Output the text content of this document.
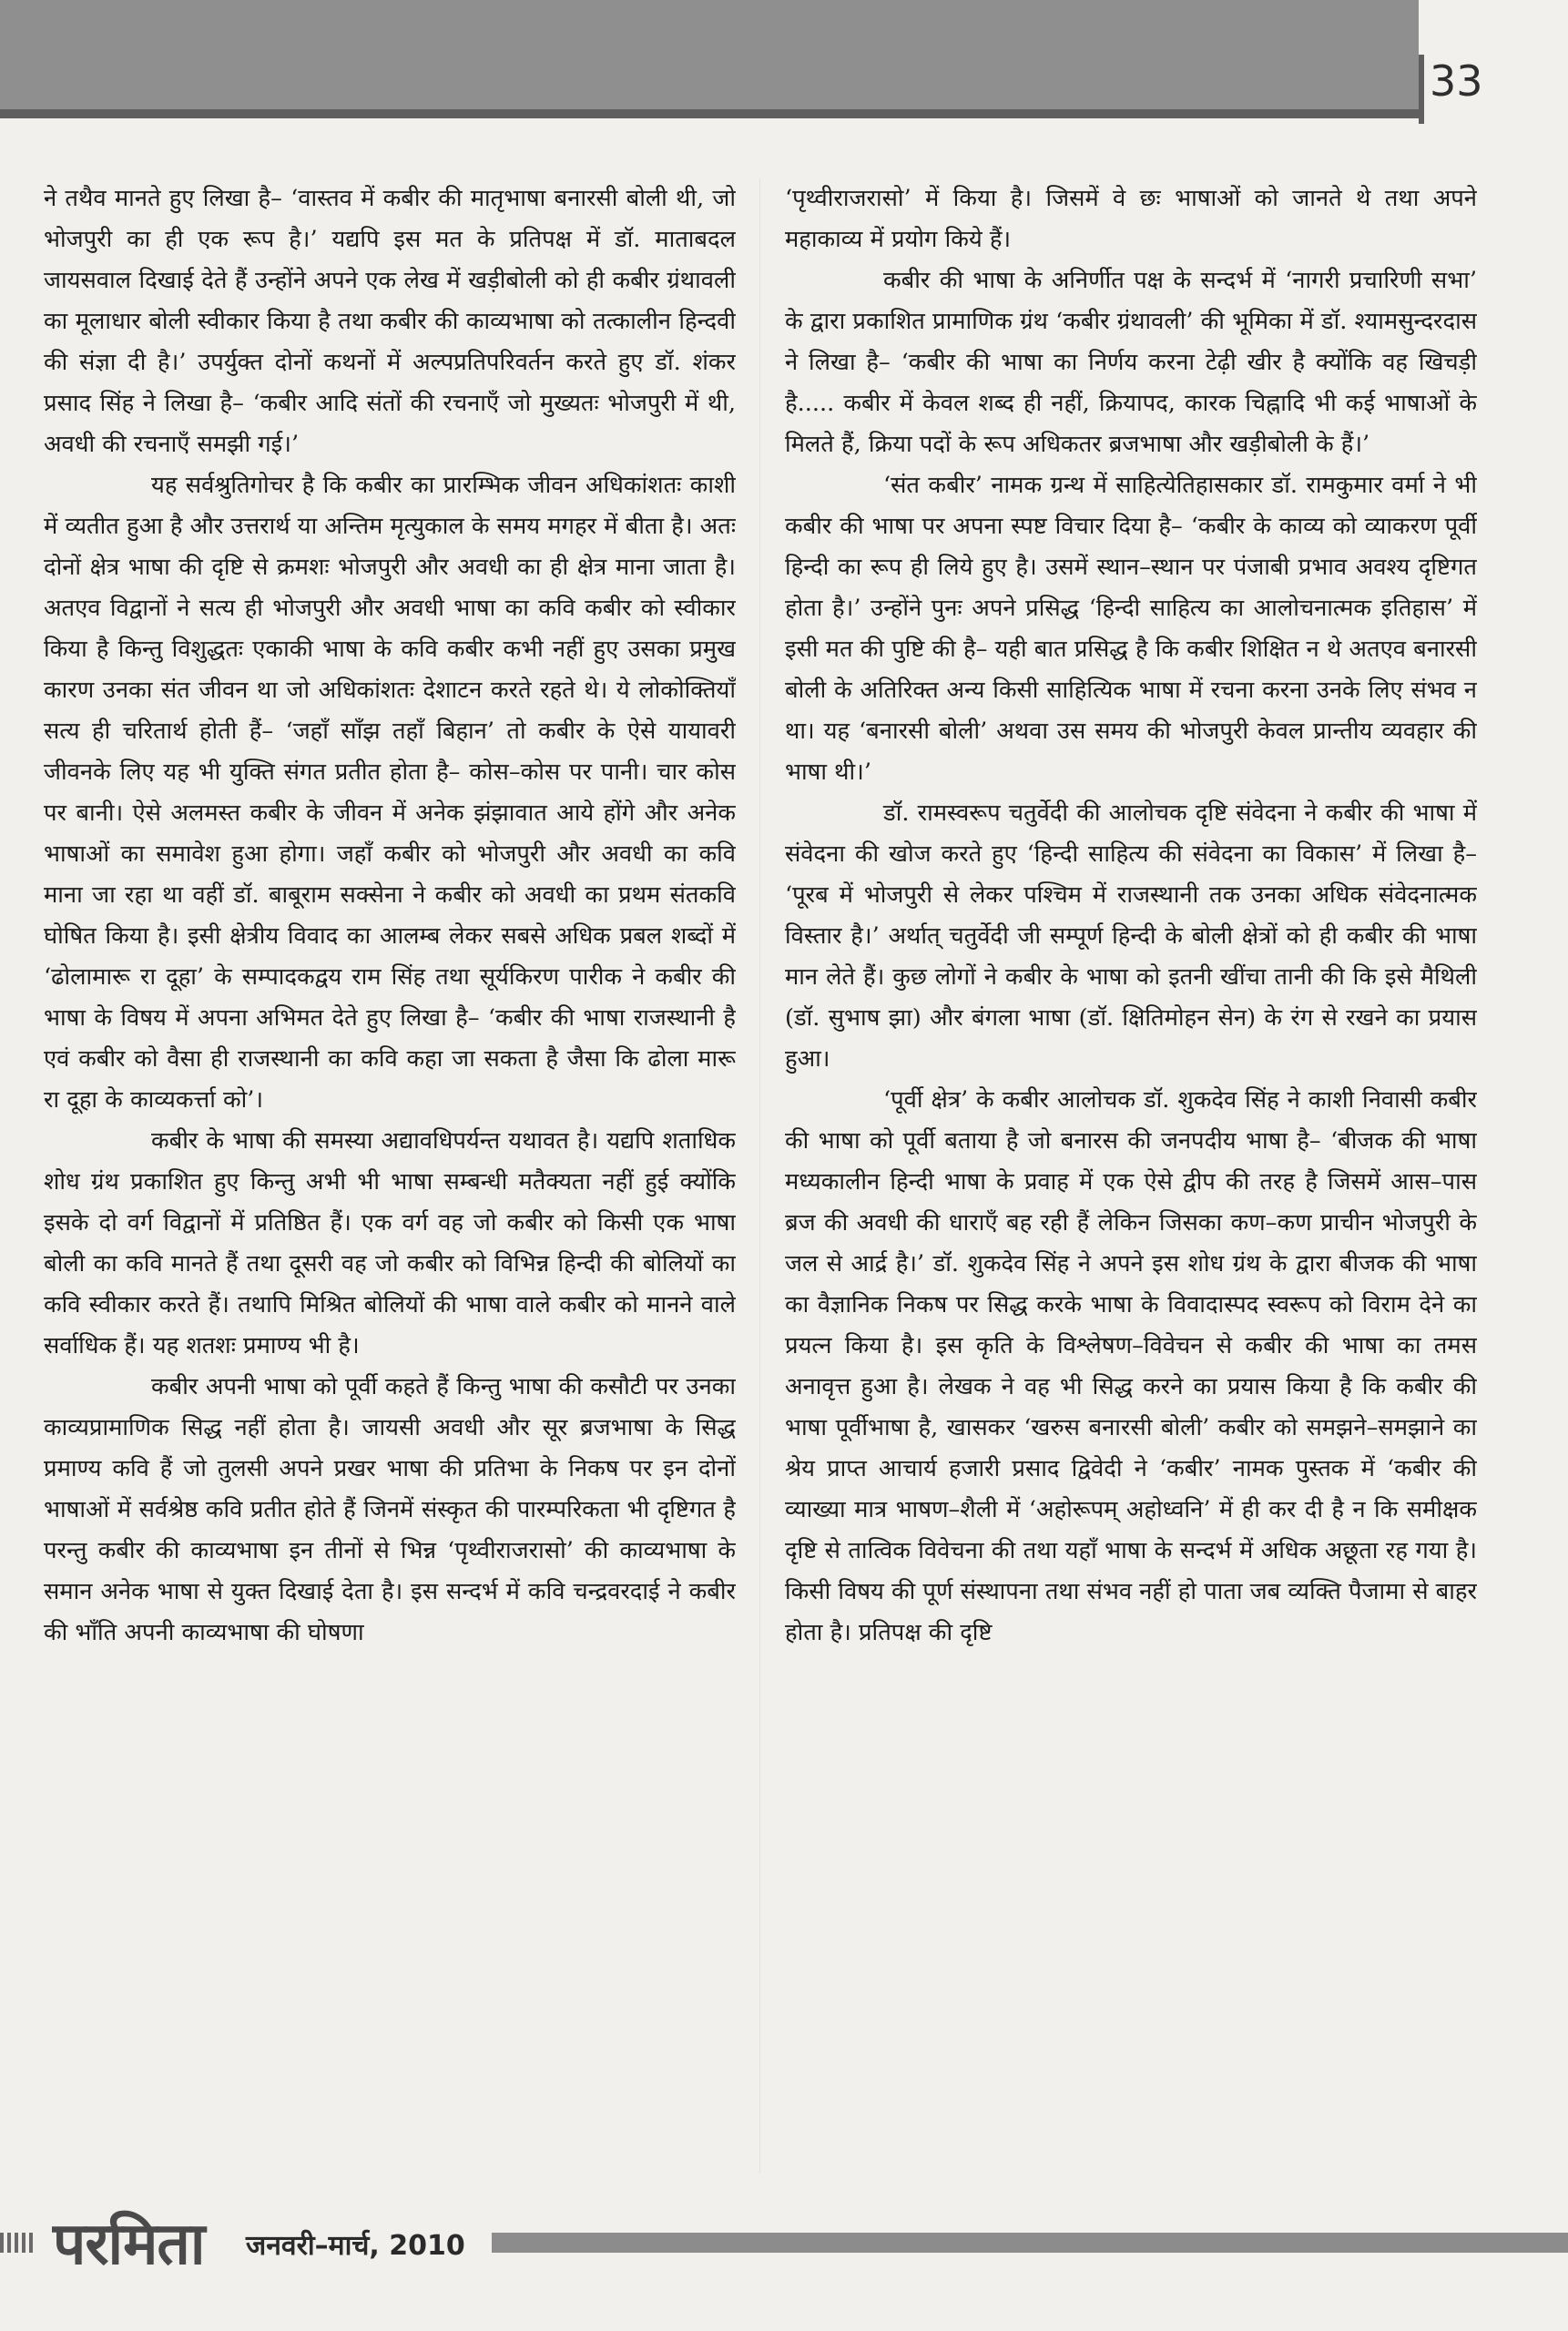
33

ने तथैव मानते हुए लिखा है– ‘वास्तव में कबीर की मातृभाषा बनारसी बोली थी, जो भोजपुरी का ही एक रूप है।’ यद्यपि इस मत के प्रतिपक्ष में डॉ. माताबदल जायसवाल दिखाई देते हैं उन्होंने अपने एक लेख में खड़ीबोली को ही कबीर ग्रंथावली का मूलाधार बोली स्वीकार किया है तथा कबीर की काव्यभाषा को तत्कालीन हिन्दवी की संज्ञा दी है।’ उपर्युक्त दोनों कथनों में अल्पप्रतिपरिवर्तन करते हुए डॉ. शंकर प्रसाद सिंह ने लिखा है– ‘कबीर आदि संतों की रचनाएँ जो मुख्यतः भोजपुरी में थी, अवधी की रचनाएँ समझी गई।’

यह सर्वश्रुतिगोचर है कि कबीर का प्रारम्भिक जीवन अधिकांशतः काशी में व्यतीत हुआ है और उत्तरार्थ या अन्तिम मृत्युकाल के समय मगहर में बीता है। अतः दोनों क्षेत्र भाषा की दृष्टि से क्रमशः भोजपुरी और अवधी का ही क्षेत्र माना जाता है। अतएव विद्वानों ने सत्य ही भोजपुरी और अवधी भाषा का कवि कबीर को स्वीकार किया है किन्तु विशुद्धतः एकाकी भाषा के कवि कबीर कभी नहीं हुए उसका प्रमुख कारण उनका संत जीवन था जो अधिकांशतः देशाटन करते रहते थे। ये लोकोक्तियाँ सत्य ही चरितार्थ होती हैं– ‘जहाँ साँझ तहाँ बिहान’ तो कबीर के ऐसे यायावरी जीवनके लिए यह भी युक्ति संगत प्रतीत होता है– कोस–कोस पर पानी। चार कोस पर बानी। ऐसे अलमस्त कबीर के जीवन में अनेक झंझावात आये होंगे और अनेक भाषाओं का समावेश हुआ होगा। जहाँ कबीर को भोजपुरी और अवधी का कवि माना जा रहा था वहीं डॉ. बाबूराम सक्सेना ने कबीर को अवधी का प्रथम संतकवि घोषित किया है। इसी क्षेत्रीय विवाद का आलम्ब लेकर सबसे अधिक प्रबल शब्दों में ‘ढोलामारू रा दूहा’ के सम्पादकद्वय राम सिंह तथा सूर्यकिरण पारीक ने कबीर की भाषा के विषय में अपना अभिमत देते हुए लिखा है– ‘कबीर की भाषा राजस्थानी है एवं कबीर को वैसा ही राजस्थानी का कवि कहा जा सकता है जैसा कि ढोला मारू रा दूहा के काव्यकर्त्ता को’।

कबीर के भाषा की समस्या अद्यावधिपर्यन्त यथावत है। यद्यपि शताधिक शोध ग्रंथ प्रकाशित हुए किन्तु अभी भी भाषा सम्बन्धी मतैक्यता नहीं हुई क्योंकि इसके दो वर्ग विद्वानों में प्रतिष्ठित हैं। एक वर्ग वह जो कबीर को किसी एक भाषा बोली का कवि मानते हैं तथा दूसरी वह जो कबीर को विभिन्न हिन्दी की बोलियों का कवि स्वीकार करते हैं। तथापि मिश्रित बोलियों की भाषा वाले कबीर को मानने वाले सर्वाधिक हैं। यह शतशः प्रमाण्य भी है।

कबीर अपनी भाषा को पूर्वी कहते हैं किन्तु भाषा की कसौटी पर उनका काव्यप्रामाणिक सिद्ध नहीं होता है। जायसी अवधी और सूर ब्रजभाषा के सिद्ध प्रमाण्य कवि हैं जो तुलसी अपने प्रखर भाषा की प्रतिभा के निकष पर इन दोनों भाषाओं में सर्वश्रेष्ठ कवि प्रतीत होते हैं जिनमें संस्कृत की पारम्परिकता भी दृष्टिगत है परन्तु कबीर की काव्यभाषा इन तीनों से भिन्न ‘पृथ्वीराजरासो’ की काव्यभाषा के समान अनेक भाषा से युक्त दिखाई देता है। इस सन्दर्भ में कवि चन्द्रवरदाई ने कबीर की भाँति अपनी काव्यभाषा की घोषणा

‘पृथ्वीराजरासो’ में किया है। जिसमें वे छः भाषाओं को जानते थे तथा अपने महाकाव्य में प्रयोग किये हैं।

कबीर की भाषा के अनिर्णीत पक्ष के सन्दर्भ में ‘नागरी प्रचारिणी सभा’ के द्वारा प्रकाशित प्रामाणिक ग्रंथ ‘कबीर ग्रंथावली’ की भूमिका में डॉ. श्यामसुन्दरदास ने लिखा है– ‘कबीर की भाषा का निर्णय करना टेढ़ी खीर है क्योंकि वह खिचड़ी है..... कबीर में केवल शब्द ही नहीं, क्रियापद, कारक चिह्नादि भी कई भाषाओं के मिलते हैं, क्रिया पदों के रूप अधिकतर ब्रजभाषा और खड़ीबोली के हैं।’

‘संत कबीर’ नामक ग्रन्थ में साहित्येतिहासकार डॉ. रामकुमार वर्मा ने भी कबीर की भाषा पर अपना स्पष्ट विचार दिया है– ‘कबीर के काव्य को व्याकरण पूर्वी हिन्दी का रूप ही लिये हुए है। उसमें स्थान–स्थान पर पंजाबी प्रभाव अवश्य दृष्टिगत होता है।’ उन्होंने पुनः अपने प्रसिद्ध ‘हिन्दी साहित्य का आलोचनात्मक इतिहास’ में इसी मत की पुष्टि की है– यही बात प्रसिद्ध है कि कबीर शिक्षित न थे अतएव बनारसी बोली के अतिरिक्त अन्य किसी साहित्यिक भाषा में रचना करना उनके लिए संभव न था। यह ‘बनारसी बोली’ अथवा उस समय की भोजपुरी केवल प्रान्तीय व्यवहार की भाषा थी।’

डॉ. रामस्वरूप चतुर्वेदी की आलोचक दृष्टि संवेदना ने कबीर की भाषा में संवेदना की खोज करते हुए ‘हिन्दी साहित्य की संवेदना का विकास’ में लिखा है– ‘पूरब में भोजपुरी से लेकर पश्चिम में राजस्थानी तक उनका अधिक संवेदनात्मक विस्तार है।’ अर्थात् चतुर्वेदी जी सम्पूर्ण हिन्दी के बोली क्षेत्रों को ही कबीर की भाषा मान लेते हैं। कुछ लोगों ने कबीर के भाषा को इतनी खींचा तानी की कि इसे मैथिली (डॉ. सुभाष झा) और बंगला भाषा (डॉ. क्षितिमोहन सेन) के रंग से रखने का प्रयास हुआ।

‘पूर्वी क्षेत्र’ के कबीर आलोचक डॉ. शुकदेव सिंह ने काशी निवासी कबीर की भाषा को पूर्वी बताया है जो बनारस की जनपदीय भाषा है– ‘बीजक की भाषा मध्यकालीन हिन्दी भाषा के प्रवाह में एक ऐसे द्वीप की तरह है जिसमें आस–पास ब्रज की अवधी की धाराएँ बह रही हैं लेकिन जिसका कण–कण प्राचीन भोजपुरी के जल से आर्द्र है।’ डॉ. शुकदेव सिंह ने अपने इस शोध ग्रंथ के द्वारा बीजक की भाषा का वैज्ञानिक निकष पर सिद्ध करके भाषा के विवादास्पद स्वरूप को विराम देने का प्रयत्न किया है। इस कृति के विश्लेषण–विवेचन से कबीर की भाषा का तमस अनावृत्त हुआ है। लेखक ने वह भी सिद्ध करने का प्रयास किया है कि कबीर की भाषा पूर्वीभाषा है, खासकर ‘खरुस बनारसी बोली’ कबीर को समझने–समझाने का श्रेय प्राप्त आचार्य हजारी प्रसाद द्विवेदी ने ‘कबीर’ नामक पुस्तक में ‘कबीर की व्याख्या मात्र भाषण–शैली में ‘अहोरूपम् अहोध्वनि’ में ही कर दी है न कि समीक्षक दृष्टि से तात्विक विवेचना की तथा यहाँ भाषा के सन्दर्भ में अधिक अछूता रह गया है। किसी विषय की पूर्ण संस्थापना तथा संभव नहीं हो पाता जब व्यक्ति पैजामा से बाहर होता है। प्रतिपक्ष की दृष्टि

परमिता जनवरी–मार्च, 2010
